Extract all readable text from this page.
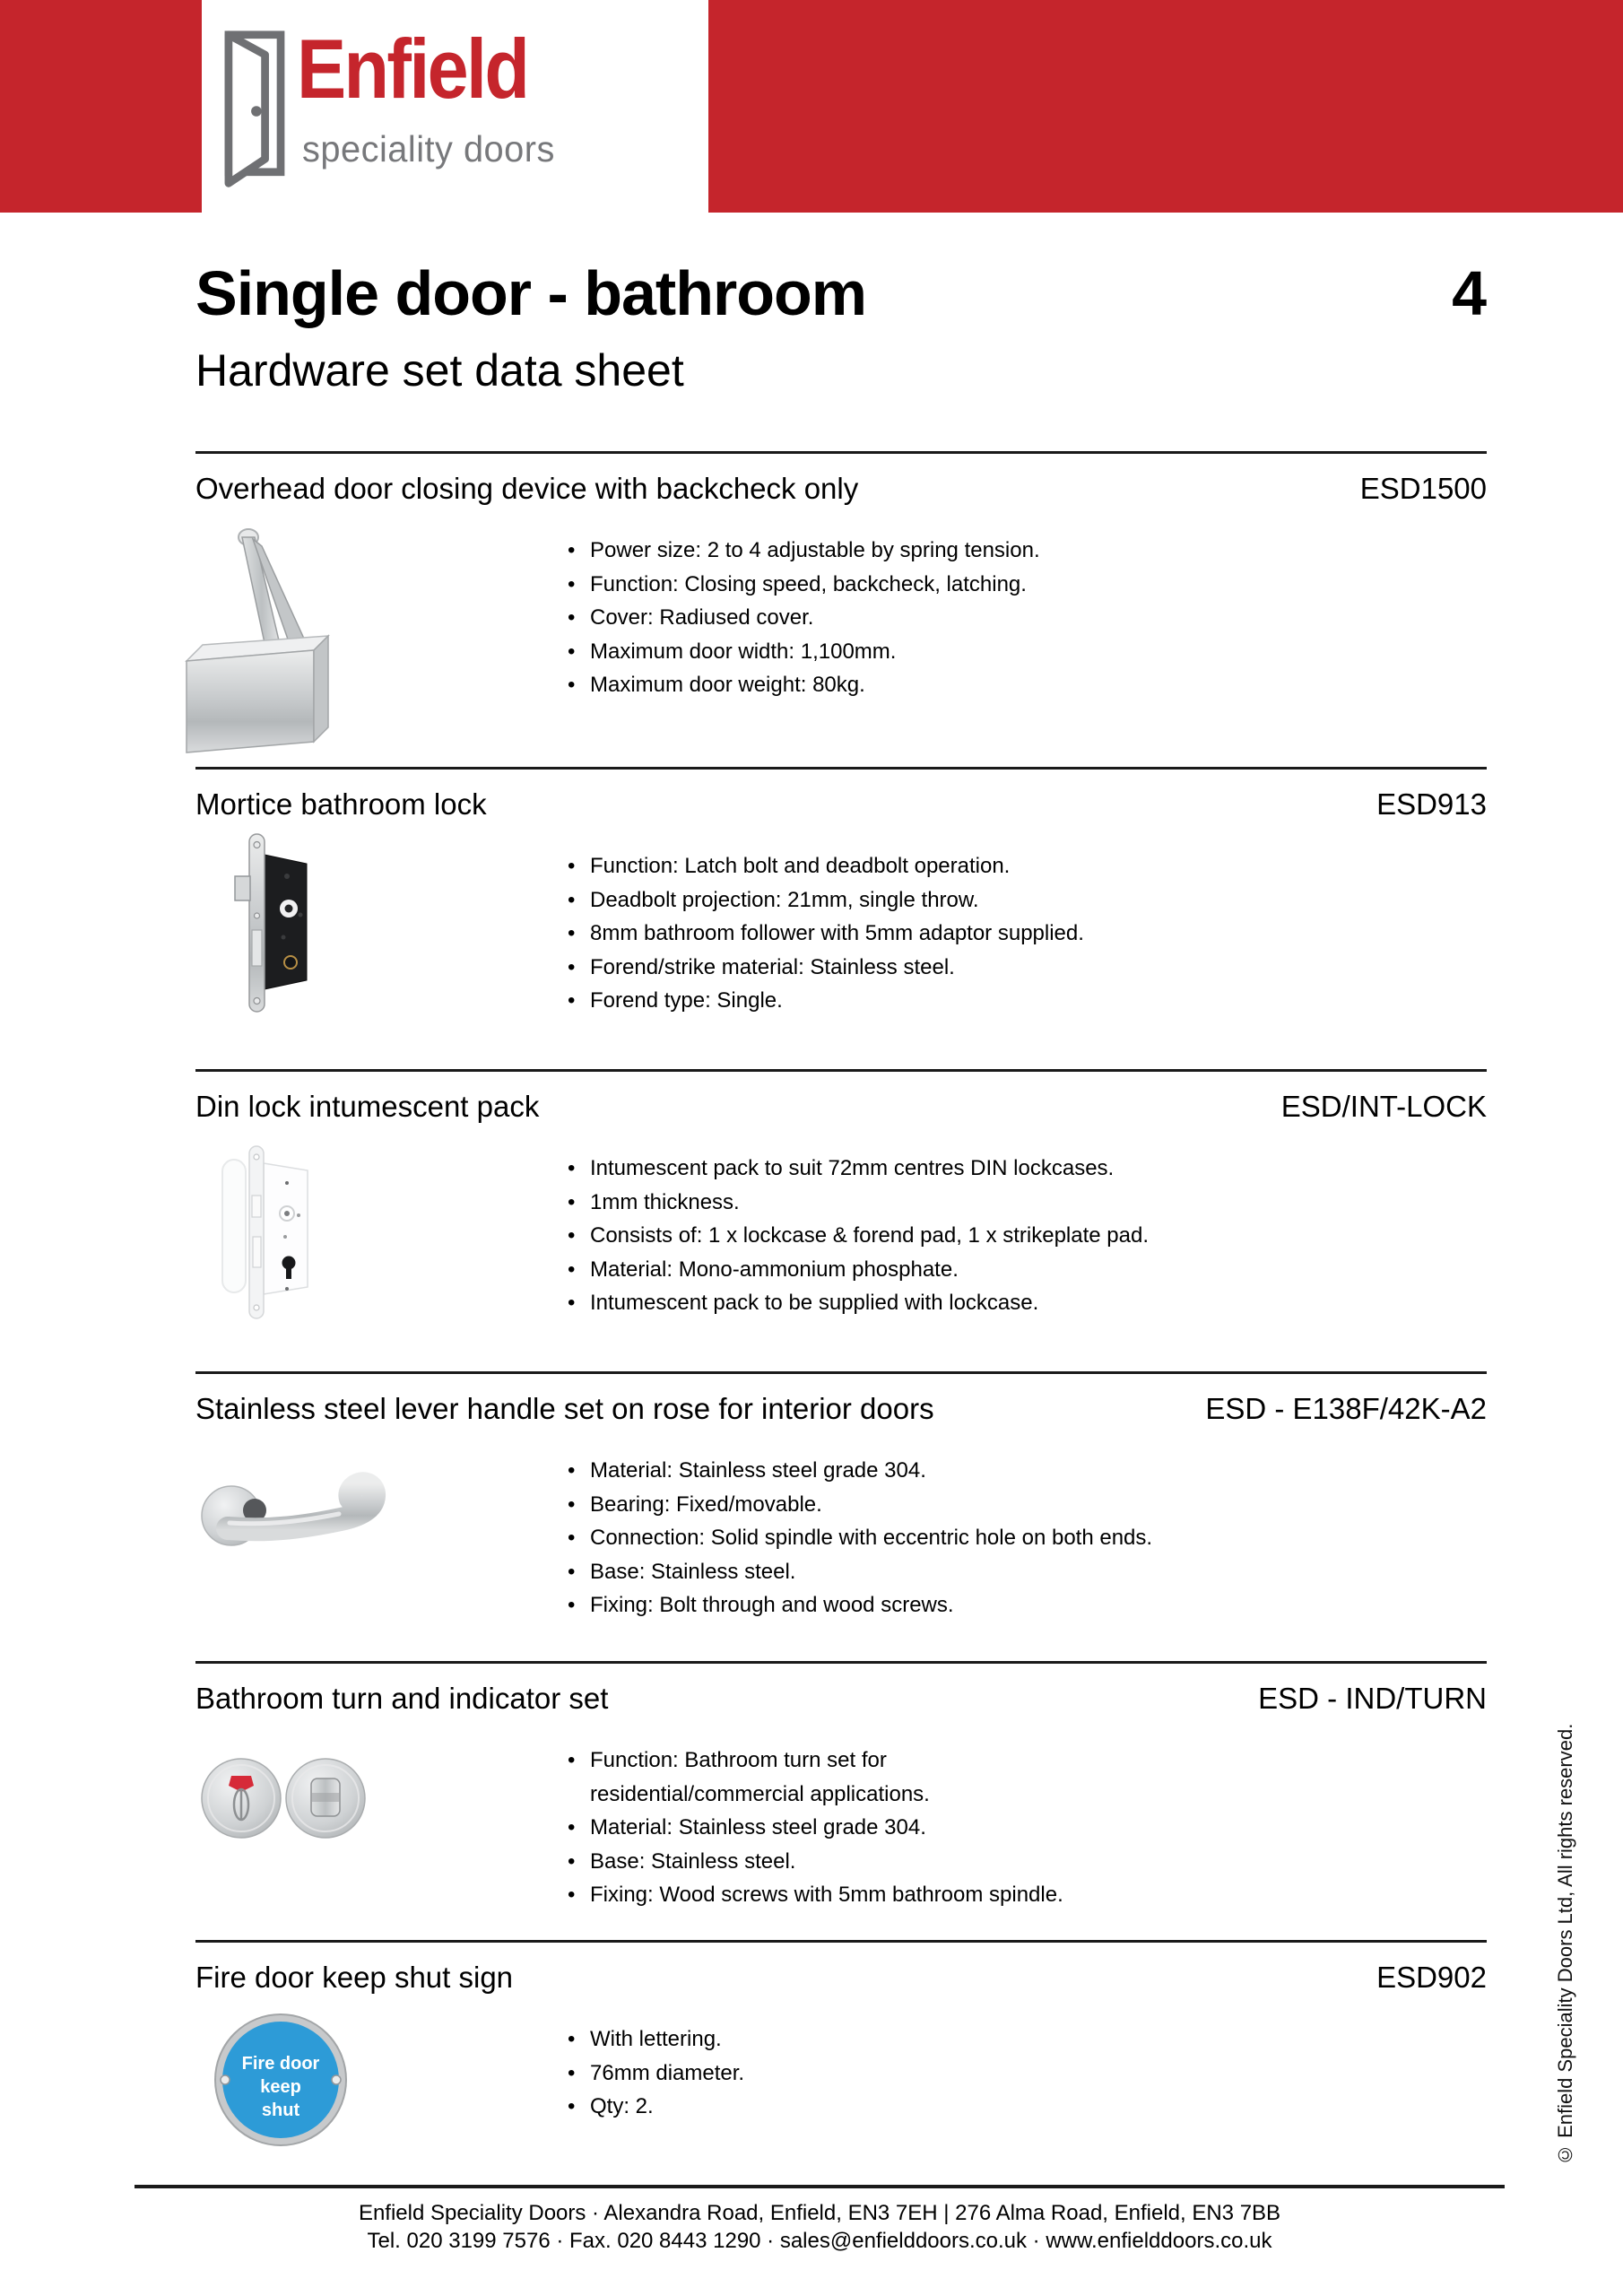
Enfield
speciality doors
Single door - bathroom	4
Hardware set data sheet
Overhead door closing device with backcheck only	ESD1500
• Power size: 2 to 4 adjustable by spring tension.
• Function: Closing speed, backcheck, latching.
• Cover: Radiused cover.
• Maximum door width: 1,100mm.
• Maximum door weight: 80kg.
Mortice bathroom lock	ESD913
• Function: Latch bolt and deadbolt operation.
• Deadbolt projection: 21mm, single throw.
• 8mm bathroom follower with 5mm adaptor supplied.
• Forend/strike material: Stainless steel.
• Forend type: Single.
Din lock intumescent pack	ESD/INT-LOCK
• Intumescent pack to suit 72mm centres DIN lockcases.
• 1mm thickness.
• Consists of: 1 x lockcase & forend pad, 1 x strikeplate pad.
• Material: Mono-ammonium phosphate.
• Intumescent pack to be supplied with lockcase.
Stainless steel lever handle set on rose for interior doors	ESD - E138F/42K-A2
• Material: Stainless steel grade 304.
• Bearing: Fixed/movable.
• Connection: Solid spindle with eccentric hole on both ends.
• Base: Stainless steel.
• Fixing: Bolt through and wood screws.
Bathroom turn and indicator set	ESD - IND/TURN
• Function: Bathroom turn set for residential/commercial applications.
• Material: Stainless steel grade 304.
• Base: Stainless steel.
• Fixing: Wood screws with 5mm bathroom spindle.
Fire door keep shut sign	ESD902
Fire door
keep
shut
• With lettering.
• 76mm diameter.
• Qty: 2.
Enfield Speciality Doors · Alexandra Road, Enfield, EN3 7EH | 276 Alma Road, Enfield, EN3 7BB
Tel. 020 3199 7576 · Fax. 020 8443 1290 · sales@enfielddoors.co.uk · www.enfielddoors.co.uk
© Enfield Speciality Doors Ltd, All rights reserved.
